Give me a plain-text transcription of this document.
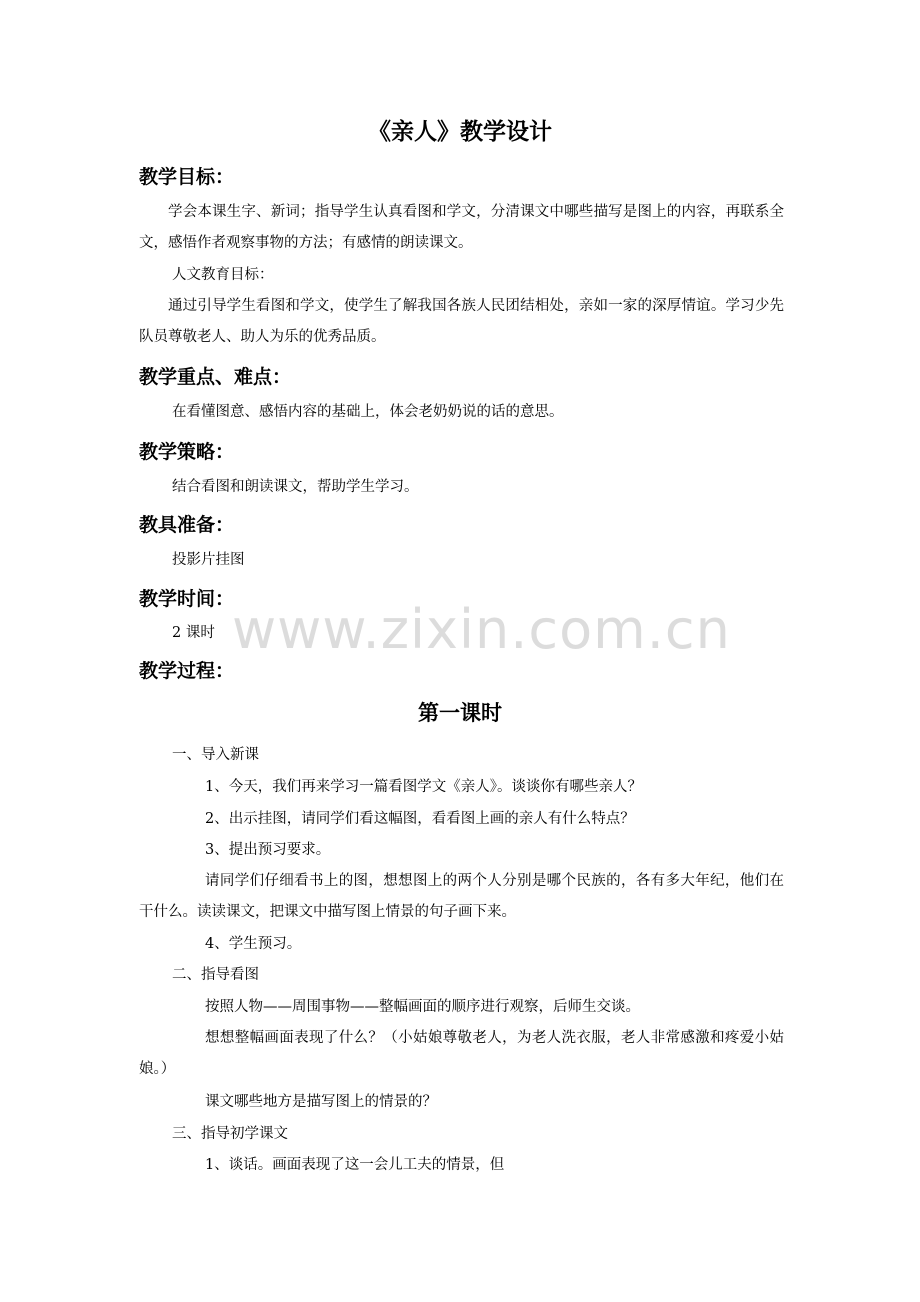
www.zixin.com.cn
《亲人》教学设计
教学目标：
学会本课生字、新词；指导学生认真看图和学文，分清课文中哪些描写是图上的内容，再联系全文，感悟作者观察事物的方法；有感情的朗读课文。
人文教育目标：
通过引导学生看图和学文，使学生了解我国各族人民团结相处，亲如一家的深厚情谊。学习少先队员尊敬老人、助人为乐的优秀品质。
教学重点、难点：
在看懂图意、感悟内容的基础上，体会老奶奶说的话的意思。
教学策略：
结合看图和朗读课文，帮助学生学习。
教具准备：
投影片挂图
教学时间：
2 课时
教学过程：
第一课时
一、导入新课
1、今天，我们再来学习一篇看图学文《亲人》。谈谈你有哪些亲人？
2、出示挂图，请同学们看这幅图，看看图上画的亲人有什么特点？
3、提出预习要求。
请同学们仔细看书上的图，想想图上的两个人分别是哪个民族的，各有多大年纪，他们在干什么。读读课文，把课文中描写图上情景的句子画下来。
4、学生预习。
二、指导看图
按照人物——周围事物——整幅画面的顺序进行观察，后师生交谈。
想想整幅画面表现了什么？（小姑娘尊敬老人，为老人洗衣服，老人非常感激和疼爱小姑娘。）
课文哪些地方是描写图上的情景的？
三、指导初学课文
1、谈话。画面表现了这一会儿工夫的情景，但
